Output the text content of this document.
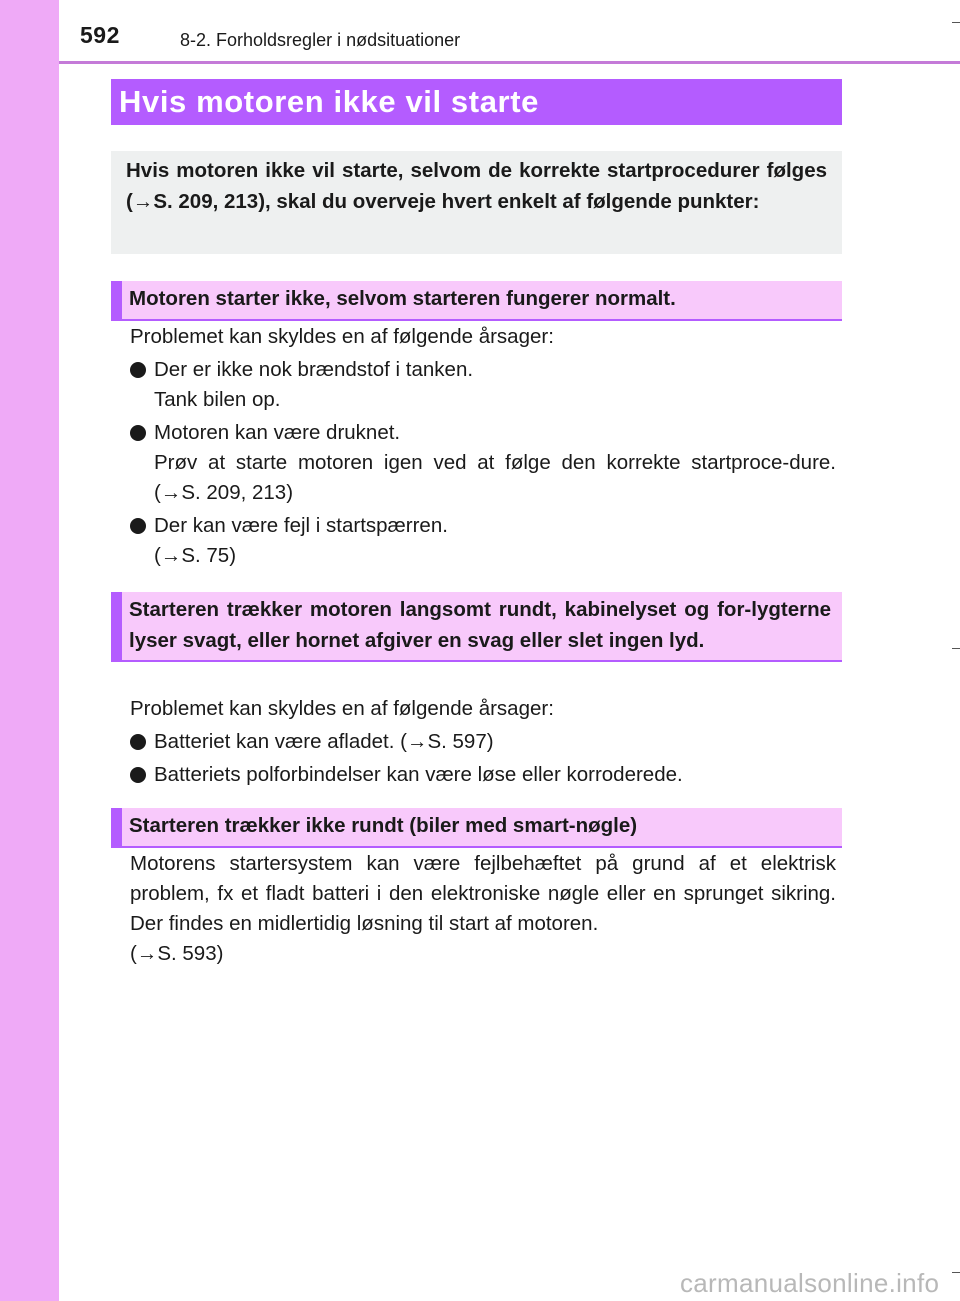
592	8-2. Forholdsregler i nødsituationer
Hvis motoren ikke vil starte

Hvis motoren ikke vil starte, selvom de korrekte startprocedurer følges (→S. 209, 213), skal du overveje hvert enkelt af følgende punkter:

Motoren starter ikke, selvom starteren fungerer normalt.

Problemet kan skyldes en af følgende årsager:

Der er ikke nok brændstof i tanken.
Tank bilen op.
Motoren kan være druknet.
Prøv at starte motoren igen ved at følge den korrekte startproce-dure. (→S. 209, 213)
Der kan være fejl i startspærren.
(→S. 75)

Starteren trækker motoren langsomt rundt, kabinelyset og for-lygterne lyser svagt, eller hornet afgiver en svag eller slet ingen lyd.

Problemet kan skyldes en af følgende årsager:

Batteriet kan være afladet. (→S. 597)
Batteriets polforbindelser kan være løse eller korroderede.

Starteren trækker ikke rundt (biler med smart-nøgle)

Motorens startersystem kan være fejlbehæftet på grund af et elektrisk problem, fx et fladt batteri i den elektroniske nøgle eller en sprunget sikring. Der findes en midlertidig løsning til start af motoren.

(→S. 593)

carmanualsonline.info
